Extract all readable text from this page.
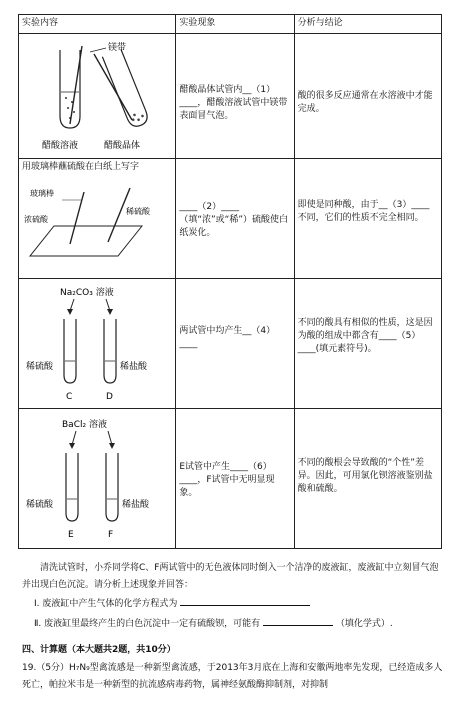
实验内容	实验现象	分析与结论

镁带
醋酸溶液 醋酸晶体	醋酸晶体试管内__（1）____，醋酸溶液试管中镁带表面冒气泡。	酸的很多反应通常在水溶液中才能完成。

用玻璃棒蘸硫酸在白纸上写字
玻璃棒
浓硫酸
稀硫酸	____（2）____（填“浓”或“稀”）硫酸使白纸炭化。	即使是同种酸，由于__（3）____不同，它们的性质不完全相同。

Na₂CO₃ 溶液
稀硫酸 稀盐酸
C D	两试管中均产生__（4）____	不同的酸具有相似的性质，这是因为酸的组成中都含有____（5）____(填元素符号)。

BaCl₂ 溶液
稀硫酸 稀盐酸
E F	E试管中产生____（6）____，F试管中无明显现象。	不同的酸根会导致酸的“个性”差异。因此，可用氯化钡溶液鉴别盐酸和硫酸。
清洗试管时，小乔同学将C、F两试管中的无色液体同时倒入一个洁净的废液缸，废液缸中立刻冒气泡并出现白色沉淀。请分析上述现象并回答：
Ⅰ. 废液缸中产生气体的化学方程式为
Ⅱ. 废液缸里最终产生的白色沉淀中一定有硫酸钡，可能有	（填化学式）.
四、计算题（本大题共2题，共10分）
19.（5分）H₇N₉型禽流感是一种新型禽流感，于2013年3月底在上海和安徽两地率先发现，已经造成多人死亡，帕拉米韦是一种新型的抗流感病毒药物，属神经氨酸酶抑制剂，对抑制
